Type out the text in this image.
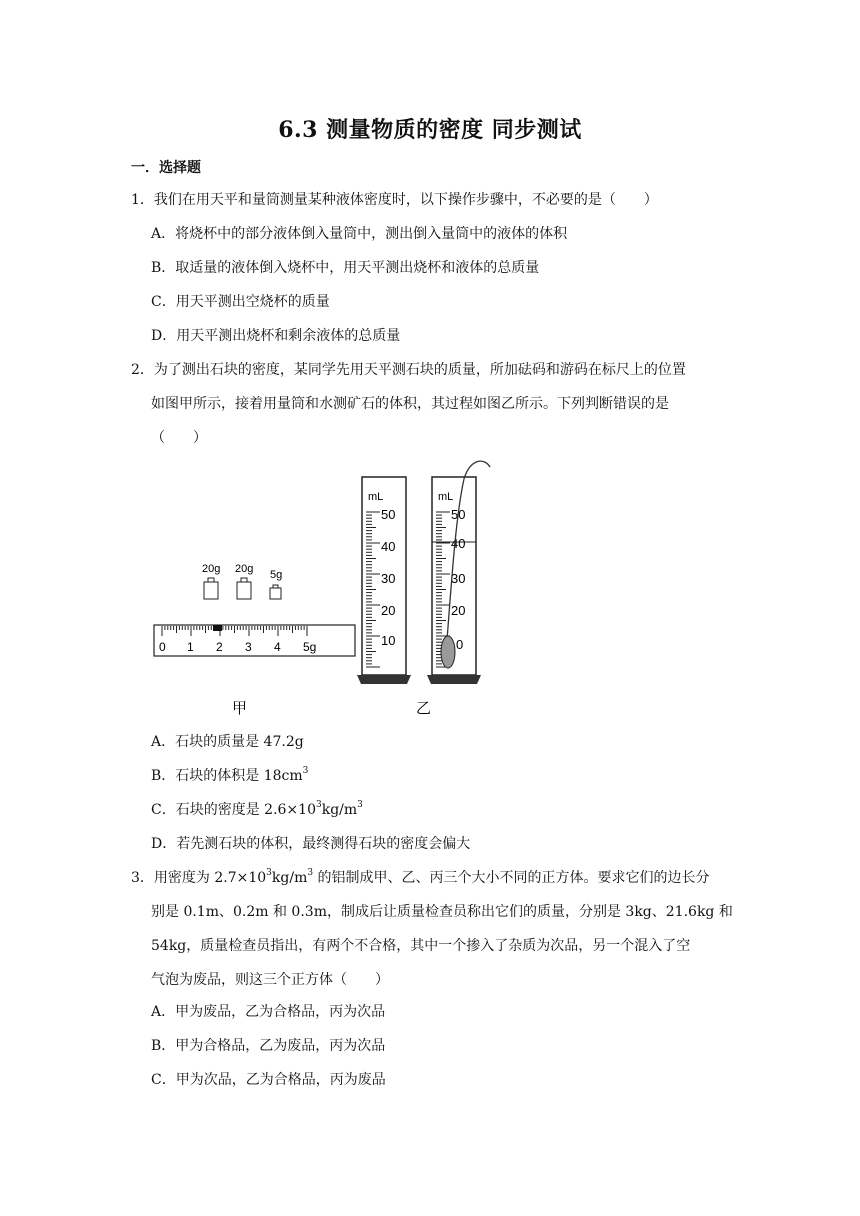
6.3 测量物质的密度 同步测试
一．选择题
1．我们在用天平和量筒测量某种液体密度时，以下操作步骤中，不必要的是（　　）
A．将烧杯中的部分液体倒入量筒中，测出倒入量筒中的液体的体积
B．取适量的液体倒入烧杯中，用天平测出烧杯和液体的总质量
C．用天平测出空烧杯的质量
D．用天平测出烧杯和剩余液体的总质量
2．为了测出石块的密度，某同学先用天平测石块的质量，所加砝码和游码在标尺上的位置
如图甲所示，接着用量筒和水测矿石的体积，其过程如图乙所示。下列判断错误的是
（　　）
20g 20g 5g
0 1 2 3 4 5g
mL
50
40
30
20
10
mL
50
40
30
20
0
甲	乙
A．石块的质量是 47.2g
B．石块的体积是 $18cm^3$
C．石块的密度是 $2.6\times 10^3kg/m^3$
D．若先测石块的体积，最终测得石块的密度会偏大
3．用密度为 $2.7\times 10^3kg/m^3$ 的铝制成甲、乙、丙三个大小不同的正方体。要求它们的边长分
别是 0.1m、0.2m 和 0.3m，制成后让质量检查员称出它们的质量，分别是 3kg、21.6kg 和
54kg，质量检查员指出，有两个不合格，其中一个掺入了杂质为次品，另一个混入了空
气泡为废品，则这三个正方体（　　）
A．甲为废品，乙为合格品，丙为次品
B．甲为合格品，乙为废品，丙为次品
C．甲为次品，乙为合格品，丙为废品
